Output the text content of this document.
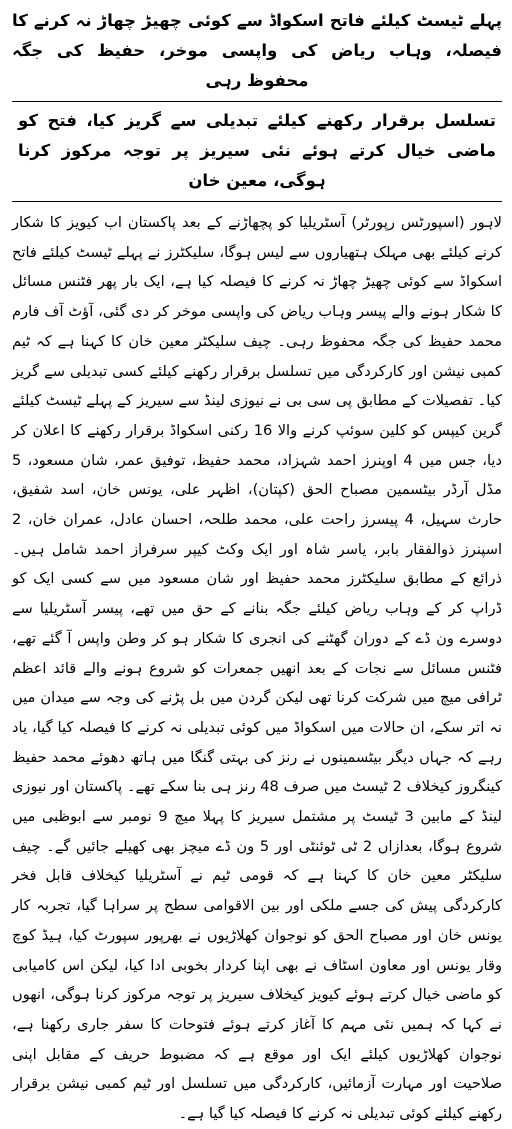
پہلے ٹیسٹ کیلئے فاتح اسکواڈ سے کوئی چھیڑ چھاڑ نہ کرنے کا فیصلہ، وہاب ریاض کی واپسی موخر، حفیظ کی جگہ محفوظ رہی
تسلسل برقرار رکھنے کیلئے تبدیلی سے گریز کیا، فتح کو ماضی خیال کرتے ہوئے نئی سیریز پر توجہ مرکوز کرنا ہوگی، معین خان

لاہور (اسپورٹس رپورٹر) آسٹریلیا کو پچھاڑنے کے بعد پاکستان اب کیویز کا شکار کرنے کیلئے بھی مہلک ہتھیاروں سے لیس ہوگا، سلیکٹرز نے پہلے ٹیسٹ کیلئے فاتح اسکواڈ سے کوئی چھیڑ چھاڑ نہ کرنے کا فیصلہ کیا ہے، ایک بار پھر فٹنس مسائل کا شکار ہونے والے پیسر وہاب ریاض کی واپسی موخر کر دی گئی، آؤٹ آف فارم محمد حفیظ کی جگہ محفوظ رہی۔ چیف سلیکٹر معین خان کا کہنا ہے کہ ٹیم کمبی نیشن اور کارکردگی میں تسلسل برقرار رکھنے کیلئے کسی تبدیلی سے گریز کیا۔ تفصیلات کے مطابق پی سی بی نے نیوزی لینڈ سے سیریز کے پہلے ٹیسٹ کیلئے گرین کیپس کو کلین سوئپ کرنے والا 16 رکنی اسکواڈ برقرار رکھنے کا اعلان کر دیا، جس میں 4 اوپنرز احمد شہزاد، محمد حفیظ، توفیق عمر، شان مسعود، 5 مڈل آرڈر بیٹسمین مصباح الحق (کپتان)، اظہر علی، یونس خان، اسد شفیق، حارث سہیل، 4 پیسرز راحت علی، محمد طلحہ، احسان عادل، عمران خان، 2 اسپنرز ذوالفقار بابر، یاسر شاہ اور ایک وکٹ کیپر سرفراز احمد شامل ہیں۔ ذرائع کے مطابق سلیکٹرز محمد حفیظ اور شان مسعود میں سے کسی ایک کو ڈراپ کر کے وہاب ریاض کیلئے جگہ بنانے کے حق میں تھے، پیسر آسٹریلیا سے دوسرے ون ڈے کے دوران گھٹنے کی انجری کا شکار ہو کر وطن واپس آ گئے تھے، فٹنس مسائل سے نجات کے بعد انھیں جمعرات کو شروع ہونے والے قائد اعظم ٹرافی میچ میں شرکت کرنا تھی لیکن گردن میں بل پڑنے کی وجہ سے میدان میں نہ اتر سکے، ان حالات میں اسکواڈ میں کوئی تبدیلی نہ کرنے کا فیصلہ کیا گیا، یاد رہے کہ جہاں دیگر بیٹسمینوں نے رنز کی بہتی گنگا میں ہاتھ دھوئے محمد حفیظ کینگروز کیخلاف 2 ٹیسٹ میں صرف 48 رنز ہی بنا سکے تھے۔ پاکستان اور نیوزی لینڈ کے مابین 3 ٹیسٹ پر مشتمل سیریز کا پہلا میچ 9 نومبر سے ابوظبی میں شروع ہوگا، بعدازاں 2 ٹی ٹوئنٹی اور 5 ون ڈے میچز بھی کھیلے جائیں گے۔ چیف سلیکٹر معین خان کا کہنا ہے کہ قومی ٹیم نے آسٹریلیا کیخلاف قابل فخر کارکردگی پیش کی جسے ملکی اور بین الاقوامی سطح پر سراہا گیا، تجربہ کار یونس خان اور مصباح الحق کو نوجوان کھلاڑیوں نے بھرپور سپورٹ کیا، ہیڈ کوچ وقار یونس اور معاون اسٹاف نے بھی اپنا کردار بخوبی ادا کیا، لیکن اس کامیابی کو ماضی خیال کرتے ہوئے کیویز کیخلاف سیریز پر توجہ مرکوز کرنا ہوگی، انھوں نے کہا کہ ہمیں نئی مہم کا آغاز کرتے ہوئے فتوحات کا سفر جاری رکھنا ہے، نوجوان کھلاڑیوں کیلئے ایک اور موقع ہے کہ مضبوط حریف کے مقابل اپنی صلاحیت اور مہارت آزمائیں، کارکردگی میں تسلسل اور ٹیم کمبی نیشن برقرار رکھنے کیلئے کوئی تبدیلی نہ کرنے کا فیصلہ کیا گیا ہے۔
